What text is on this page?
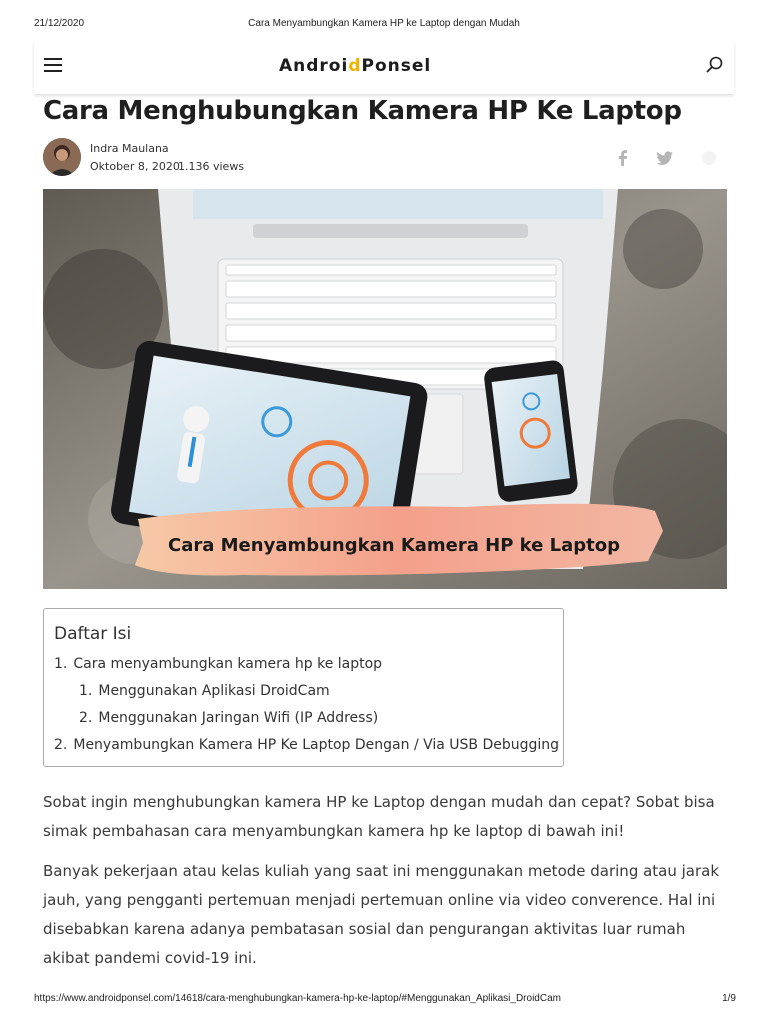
21/12/2020	Cara Menyambungkan Kamera HP ke Laptop dengan Mudah
AndroidPonsel
Cara Menghubungkan Kamera HP Ke Laptop
Indra Maulana
Oktober 8, 2020
1.136 views
Cara Menyambungkan Kamera HP ke Laptop
Daftar Isi
1. Cara menyambungkan kamera hp ke laptop
1. Menggunakan Aplikasi DroidCam
2. Menggunakan Jaringan Wifi (IP Address)
2. Menyambungkan Kamera HP Ke Laptop Dengan / Via USB Debugging

Sobat ingin menghubungkan kamera HP ke Laptop dengan mudah dan cepat? Sobat bisa simak pembahasan cara menyambungkan kamera hp ke laptop di bawah ini!

Banyak pekerjaan atau kelas kuliah yang saat ini menggunakan metode daring atau jarak jauh, yang pengganti pertemuan menjadi pertemuan online via video converence. Hal ini disebabkan karena adanya pembatasan sosial dan pengurangan aktivitas luar rumah akibat pandemi covid-19 ini.

https://www.androidponsel.com/14618/cara-menghubungkan-kamera-hp-ke-laptop/#Menggunakan_Aplikasi_DroidCam	1/9
